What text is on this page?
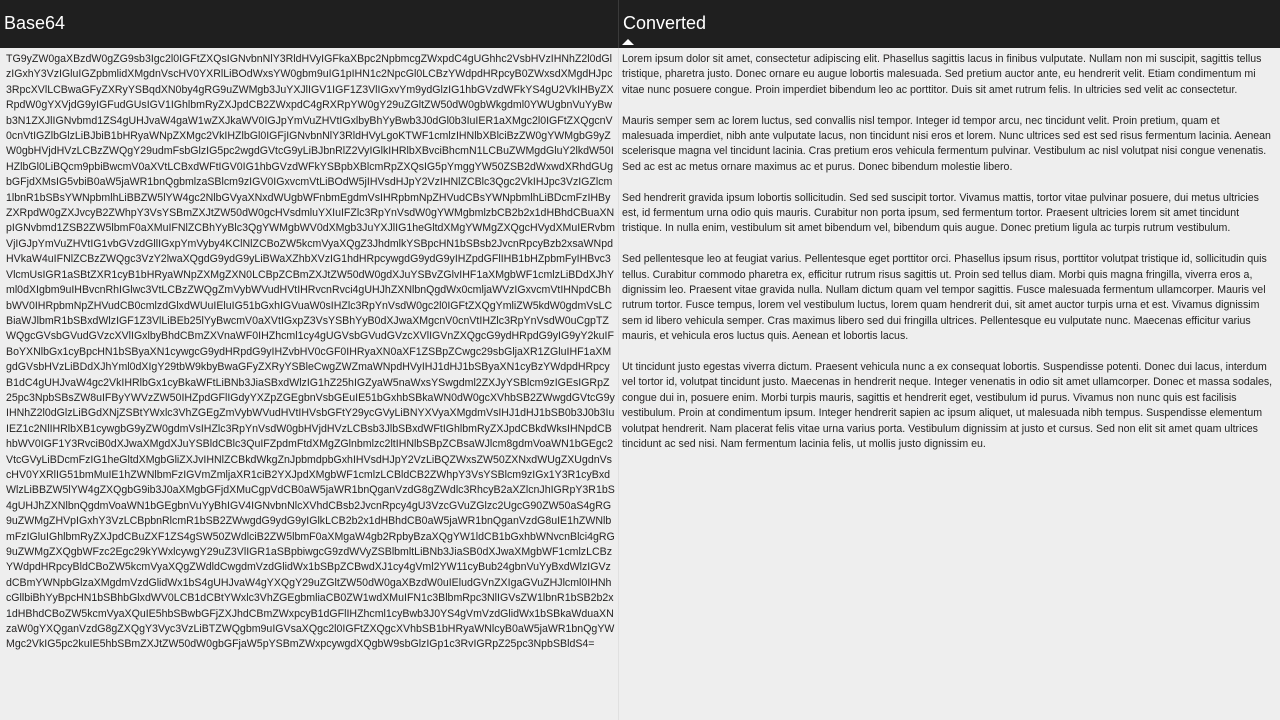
Base64	Converted
TG9yZW0gaXBzdW0gZG9sb3Igc2l0IGFtZXQsIGNvbnNlY3RldHVyIGFkaXBpc2NpbmcgZWxpdC4gUGhhc2VsbHVzIHNhZ2l0dGlzIGxhY3VzIGluIGZpbmlidXMgdnVscHV0YXRlLiBOdWxsYW0gbm9uIG1pIHN1c2NpcGl0LCBzYWdpdHRpcyB0ZWxsdXMgdHJpc3RpcXVlLCBwaGFyZXRyYSBqdXN0by4gRG9uZWMgb3JuYXJlIGV1IGF1Z3VlIGxvYm9ydGlzIG1hbGVzdWFkYS4gU2VkIHByZXRpdW0gYXVjdG9yIGFudGUsIGV1IGhlbmRyZXJpdCB2ZWxpdC4gRXRpYW0gY29uZGltZW50dW0gbWkgdml0YWUgbnVuYyBwb3N1ZXJlIGNvbmd1ZS4gUHJvaW4gaW1wZXJkaWV0IGJpYmVuZHVtIGxlbyBhYyBwb3J0dGl0b3IuIER1aXMgc2l0IGFtZXQgcnV0cnVtIGZlbGlzLiBJbiB1bHRyaWNpZXMgc2VkIHZlbGl0IGFjIGNvbnNlY3RldHVyLgoKTWF1cmlzIHNlbXBlciBzZW0gYWMgbG9yZW0gbHVjdHVzLCBzZWQgY29udmFsbGlzIG5pc2wgdGVtcG9yLiBJbnRlZ2VyIGlkIHRlbXBvciBhcmN1LCBuZWMgdGluY2lkdW50IHZlbGl0LiBQcm9pbiBwcmV0aXVtLCBxdWFtIGV0IG1hbGVzdWFkYSBpbXBlcmRpZXQsIG5pYmggYW50ZSB2dWxwdXRhdGUgbGFjdXMsIG5vbiB0aW5jaWR1bnQgbmlzaSBlcm9zIGV0IGxvcmVtLiBOdW5jIHVsdHJpY2VzIHNlZCBlc3Qgc2VkIHJpc3VzIGZlcm1lbnR1bSBsYWNpbmlhLiBBZW5lYW4gc2NlbGVyaXNxdWUgbWFnbmEgdmVsIHRpbmNpZHVudCBsYWNpbmlhLiBDcmFzIHByZXRpdW0gZXJvcyB2ZWhpY3VsYSBmZXJtZW50dW0gcHVsdmluYXIuIFZlc3RpYnVsdW0gYWMgbmlzbCB2b2x1dHBhdCBuaXNpIGNvbmd1ZSB2ZW5lbmF0aXMuIFNlZCBhYyBlc3QgYWMgbWV0dXMgb3JuYXJlIG1heGltdXMgYWMgZXQgcHVydXMuIERvbmVjIGJpYmVuZHVtIG1vbGVzdGllIGxpYmVyby4KClNlZCBoZW5kcmVyaXQgZ3JhdmlkYSBpcHN1bSBsb2JvcnRpcyBzb2xsaWNpdHVkaW4uIFNlZCBzZWQgc3VzY2lwaXQgdG9ydG9yLiBWaXZhbXVzIG1hdHRpcywgdG9ydG9yIHZpdGFlIHB1bHZpbmFyIHBvc3VlcmUsIGR1aSBtZXR1cyB1bHRyaWNpZXMgZXN0LCBpZCBmZXJtZW50dW0gdXJuYSBvZGlvIHF1aXMgbWF1cmlzLiBDdXJhYml0dXIgbm9uIHBvcnRhIGlwc3VtLCBzZWQgZmVybWVudHVtIHRvcnRvci4gUHJhZXNlbnQgdWx0cmljaWVzIGxvcmVtIHNpdCBhbWV0IHRpbmNpZHVudCB0cmlzdGlxdWUuIEluIG51bGxhIGVuaW0sIHZlc3RpYnVsdW0gc2l0IGFtZXQgYmliZW5kdW0gdmVsLCBiaWJlbmR1bSBxdWlzIGF1Z3VlLiBEb25lYyBwcmV0aXVtIGxpZ3VsYSBhYyB0dXJwaXMgcnV0cnVtIHZlc3RpYnVsdW0uCgpTZWQgcGVsbGVudGVzcXVlIGxlbyBhdCBmZXVnaWF0IHZhcml1cy4gUGVsbGVudGVzcXVlIGVnZXQgcG9ydHRpdG9yIG9yY2kuIFBoYXNlbGx1cyBpcHN1bSByaXN1cywgcG9ydHRpdG9yIHZvbHV0cGF0IHRyaXN0aXF1ZSBpZCwgc29sbGljaXR1ZGluIHF1aXMgdGVsbHVzLiBDdXJhYml0dXIgY29tbW9kbyBwaGFyZXRyYSBleCwgZWZmaWNpdHVyIHJ1dHJ1bSByaXN1cyBzYWdpdHRpcyB1dC4gUHJvaW4gc2VkIHRlbGx1cyBkaWFtLiBNb3JiaSBxdWlzIG1hZ25hIGZyaW5naWxsYSwgdml2ZXJyYSBlcm9zIGEsIGRpZ25pc3NpbSBsZW8uIFByYWVzZW50IHZpdGFlIGdyYXZpZGEgbnVsbGEuIE51bGxhbSBkaWN0dW0gcXVhbSB2ZWwgdGVtcG9yIHNhZ2l0dGlzLiBGdXNjZSBtYWxlc3VhZGEgZmVybWVudHVtIHVsbGFtY29ycGVyLiBNYXVyaXMgdmVsIHJ1dHJ1bSB0b3J0b3IuIEZ1c2NlIHRlbXB1cywgbG9yZW0gdmVsIHZlc3RpYnVsdW0gbHVjdHVzLCBsb3JlbSBxdWFtIGhlbmRyZXJpdCBkdWksIHNpdCBhbWV0IGF1Y3RvciB0dXJwaXMgdXJuYSBldCBlc3QuIFZpdmFtdXMgZGlnbmlzc2ltIHNlbSBpZCBsaWJlcm8gdmVoaWN1bGEgc2VtcGVyLiBDcmFzIG1heGltdXMgbGliZXJvIHNlZCBkdWkgZnJpbmdpbGxhIHVsdHJpY2VzLiBQZWxsZW50ZXNxdWUgZXUgdnVscHV0YXRlIG51bmMuIE1hZWNlbmFzIGVmZmljaXR1ciB2YXJpdXMgbWF1cmlzLCBldCB2ZWhpY3VsYSBlcm9zIGx1Y3R1cyBxdWlzLiBBZW5lYW4gZXQgbG9ib3J0aXMgbGFjdXMuCgpVdCB0aW5jaWR1bnQganVzdG8gZWdlc3RhcyB2aXZlcnJhIGRpY3R1bS4gUHJhZXNlbnQgdmVoaWN1bGEgbnVuYyBhIGV4IGNvbnNlcXVhdCBsb2JvcnRpcy4gU3VzcGVuZGlzc2UgcG90ZW50aS4gRG9uZWMgZHVpIGxhY3VzLCBpbnRlcmR1bSB2ZWwgdG9ydG9yIGlkLCB2b2x1dHBhdCB0aW5jaWR1bnQganVzdG8uIE1hZWNlbmFzIGluIGhlbmRyZXJpdCBuZXF1ZS4gSW50ZWdlciB2ZW5lbmF0aXMgaW4gb2RpbyBzaXQgYW1ldCB1bGxhbWNvcnBlci4gRG9uZWMgZXQgbWFzc2Egc29kYWxlcywgY29uZ3VlIGR1aSBpbiwgcG9zdWVyZSBlbmltLiBNb3JiaSB0dXJwaXMgbWF1cmlzLCBzYWdpdHRpcyBldCBoZW5kcmVyaXQgZWdldCwgdmVzdGlidWx1bSBpZCBwdXJ1cy4gVml2YW11cyBub24gbnVuYyBxdWlzIGVzdCBmYWNpbGlzaXMgdmVzdGlidWx1bS4gUHJvaW4gYXQgY29uZGltZW50dW0gaXBzdW0uIEludGVnZXIgaGVuZHJlcml0IHNhcGllbiBhYyBpcHN1bSBhbGlxdWV0LCB1dCBtYWxlc3VhZGEgbmliaCB0ZW1wdXMuIFN1c3BlbmRpc3NlIGVsZW1lbnR1bSB2b2x1dHBhdCBoZW5kcmVyaXQuIE5hbSBwbGFjZXJhdCBmZWxpcyB1dGFlIHZhcml1cyBwb3J0YS4gVmVzdGlidWx1bSBkaWduaXNzaW0gYXQganVzdG8gZXQgY3Vyc3VzLiBTZWQgbm9uIGVsaXQgc2l0IGFtZXQgcXVhbSB1bHRyaWNlcyB0aW5jaWR1bnQgYWMgc2VkIG5pc2kuIE5hbSBmZXJtZW50dW0gbGFjaW5pYSBmZWxpcywgdXQgbW9sbGlzIGp1c3RvIGRpZ25pc3NpbSBldS4=
Lorem ipsum dolor sit amet, consectetur adipiscing elit. Phasellus sagittis lacus in finibus vulputate. Nullam non mi suscipit, sagittis tellus tristique, pharetra justo. Donec ornare eu augue lobortis malesuada. Sed pretium auctor ante, eu hendrerit velit. Etiam condimentum mi vitae nunc posuere congue. Proin imperdiet bibendum leo ac porttitor. Duis sit amet rutrum felis. In ultricies sed velit ac consectetur.
Mauris semper sem ac lorem luctus, sed convallis nisl tempor. Integer id tempor arcu, nec tincidunt velit. Proin pretium, quam et malesuada imperdiet, nibh ante vulputate lacus, non tincidunt nisi eros et lorem. Nunc ultrices sed est sed risus fermentum lacinia. Aenean scelerisque magna vel tincidunt lacinia. Cras pretium eros vehicula fermentum pulvinar. Vestibulum ac nisl volutpat nisi congue venenatis. Sed ac est ac metus ornare maximus ac et purus. Donec bibendum molestie libero.
Sed hendrerit gravida ipsum lobortis sollicitudin. Sed sed suscipit tortor. Vivamus mattis, tortor vitae pulvinar posuere, dui metus ultricies est, id fermentum urna odio quis mauris. Curabitur non porta ipsum, sed fermentum tortor. Praesent ultricies lorem sit amet tincidunt tristique. In nulla enim, vestibulum sit amet bibendum vel, bibendum quis augue. Donec pretium ligula ac turpis rutrum vestibulum.
Sed pellentesque leo at feugiat varius. Pellentesque eget porttitor orci. Phasellus ipsum risus, porttitor volutpat tristique id, sollicitudin quis tellus. Curabitur commodo pharetra ex, efficitur rutrum risus sagittis ut. Proin sed tellus diam. Morbi quis magna fringilla, viverra eros a, dignissim leo. Praesent vitae gravida nulla. Nullam dictum quam vel tempor sagittis. Fusce malesuada fermentum ullamcorper. Mauris vel rutrum tortor. Fusce tempus, lorem vel vestibulum luctus, lorem quam hendrerit dui, sit amet auctor turpis urna et est. Vivamus dignissim sem id libero vehicula semper. Cras maximus libero sed dui fringilla ultrices. Pellentesque eu vulputate nunc. Maecenas efficitur varius mauris, et vehicula eros luctus quis. Aenean et lobortis lacus.
Ut tincidunt justo egestas viverra dictum. Praesent vehicula nunc a ex consequat lobortis. Suspendisse potenti. Donec dui lacus, interdum vel tortor id, volutpat tincidunt justo. Maecenas in hendrerit neque. Integer venenatis in odio sit amet ullamcorper. Donec et massa sodales, congue dui in, posuere enim. Morbi turpis mauris, sagittis et hendrerit eget, vestibulum id purus. Vivamus non nunc quis est facilisis vestibulum. Proin at condimentum ipsum. Integer hendrerit sapien ac ipsum aliquet, ut malesuada nibh tempus. Suspendisse elementum volutpat hendrerit. Nam placerat felis vitae urna varius porta. Vestibulum dignissim at justo et cursus. Sed non elit sit amet quam ultrices tincidunt ac sed nisi. Nam fermentum lacinia felis, ut mollis justo dignissim eu.
